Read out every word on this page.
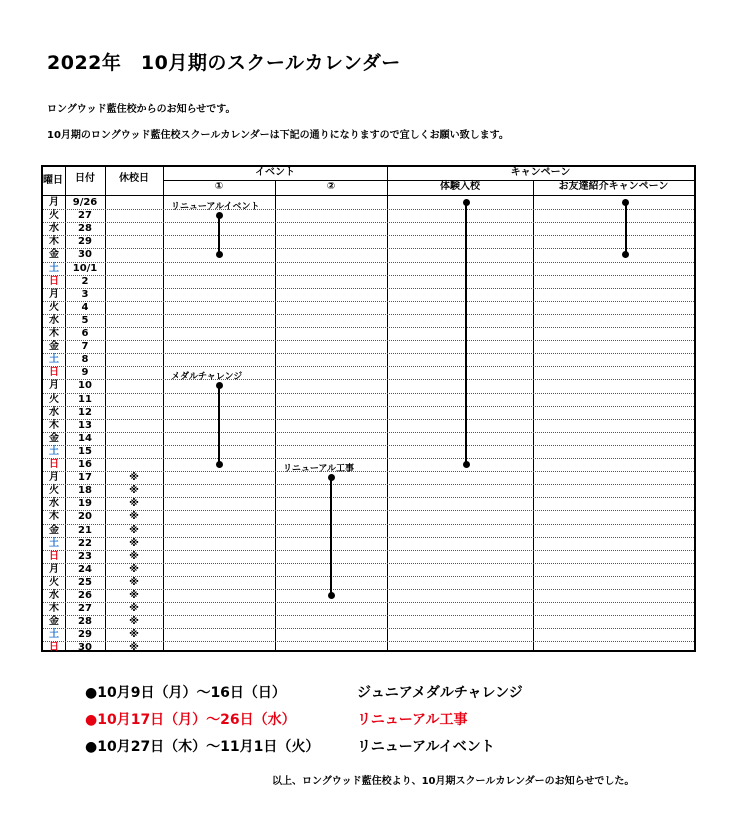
2022年　10月期のスクールカレンダー
ロングウッド藍住校からのお知らせです。
10月期のロングウッド藍住校スクールカレンダーは下記の通りになりますので宜しくお願い致します。
曜日	日付	休校日
イベント
①	②
キャンペーン
体験入校	お友達紹介キャンペーン
月	9/26
火	27
水	28
木	29
金	30
土	10/1
日	2
月	3
火	4
水	5
木	6
金	7
土	8
日	9
月	10
火	11
水	12
木	13
金	14
土	15
日	16
月	17	※
火	18	※
水	19	※
木	20	※
金	21	※
土	22	※
日	23	※
月	24	※
火	25	※
水	26	※
木	27	※
金	28	※
土	29	※
日	30	※
メダルチャレンジ
リニューアル工事
リニューアルイベント
●10月9日（月）～16日（日）	ジュニアメダルチャレンジ
●10月17日（月）～26日（水）	リニューアル工事
●10月27日（木）～11月1日（火）	リニューアルイベント
以上、ロングウッド藍住校より、10月期スクールカレンダーのお知らせでした。
